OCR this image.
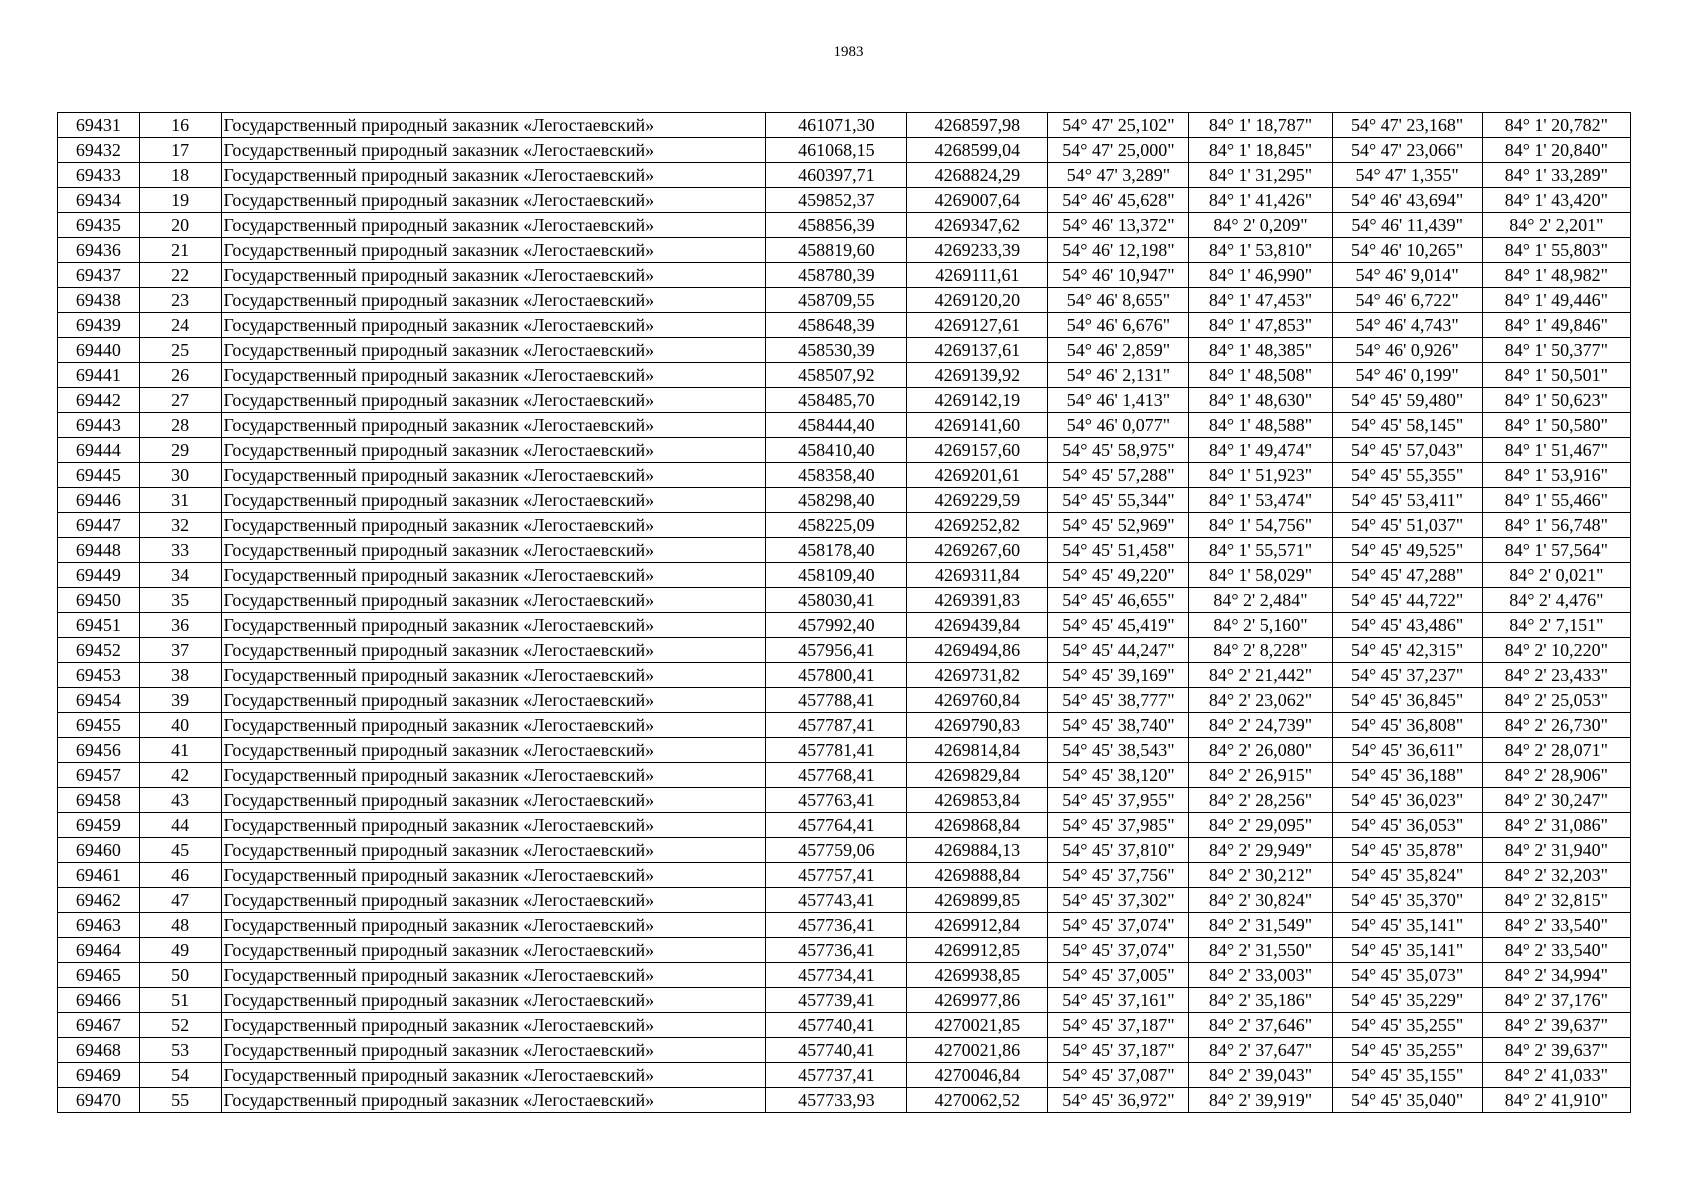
1983
69431	16	Государственный природный заказник «Легостаевский»	461071,30	4268597,98	54° 47' 25,102"	84° 1' 18,787"	54° 47' 23,168"	84° 1' 20,782"
69432	17	Государственный природный заказник «Легостаевский»	461068,15	4268599,04	54° 47' 25,000"	84° 1' 18,845"	54° 47' 23,066"	84° 1' 20,840"
69433	18	Государственный природный заказник «Легостаевский»	460397,71	4268824,29	54° 47' 3,289"	84° 1' 31,295"	54° 47' 1,355"	84° 1' 33,289"
69434	19	Государственный природный заказник «Легостаевский»	459852,37	4269007,64	54° 46' 45,628"	84° 1' 41,426"	54° 46' 43,694"	84° 1' 43,420"
69435	20	Государственный природный заказник «Легостаевский»	458856,39	4269347,62	54° 46' 13,372"	84° 2' 0,209"	54° 46' 11,439"	84° 2' 2,201"
69436	21	Государственный природный заказник «Легостаевский»	458819,60	4269233,39	54° 46' 12,198"	84° 1' 53,810"	54° 46' 10,265"	84° 1' 55,803"
69437	22	Государственный природный заказник «Легостаевский»	458780,39	4269111,61	54° 46' 10,947"	84° 1' 46,990"	54° 46' 9,014"	84° 1' 48,982"
69438	23	Государственный природный заказник «Легостаевский»	458709,55	4269120,20	54° 46' 8,655"	84° 1' 47,453"	54° 46' 6,722"	84° 1' 49,446"
69439	24	Государственный природный заказник «Легостаевский»	458648,39	4269127,61	54° 46' 6,676"	84° 1' 47,853"	54° 46' 4,743"	84° 1' 49,846"
69440	25	Государственный природный заказник «Легостаевский»	458530,39	4269137,61	54° 46' 2,859"	84° 1' 48,385"	54° 46' 0,926"	84° 1' 50,377"
69441	26	Государственный природный заказник «Легостаевский»	458507,92	4269139,92	54° 46' 2,131"	84° 1' 48,508"	54° 46' 0,199"	84° 1' 50,501"
69442	27	Государственный природный заказник «Легостаевский»	458485,70	4269142,19	54° 46' 1,413"	84° 1' 48,630"	54° 45' 59,480"	84° 1' 50,623"
69443	28	Государственный природный заказник «Легостаевский»	458444,40	4269141,60	54° 46' 0,077"	84° 1' 48,588"	54° 45' 58,145"	84° 1' 50,580"
69444	29	Государственный природный заказник «Легостаевский»	458410,40	4269157,60	54° 45' 58,975"	84° 1' 49,474"	54° 45' 57,043"	84° 1' 51,467"
69445	30	Государственный природный заказник «Легостаевский»	458358,40	4269201,61	54° 45' 57,288"	84° 1' 51,923"	54° 45' 55,355"	84° 1' 53,916"
69446	31	Государственный природный заказник «Легостаевский»	458298,40	4269229,59	54° 45' 55,344"	84° 1' 53,474"	54° 45' 53,411"	84° 1' 55,466"
69447	32	Государственный природный заказник «Легостаевский»	458225,09	4269252,82	54° 45' 52,969"	84° 1' 54,756"	54° 45' 51,037"	84° 1' 56,748"
69448	33	Государственный природный заказник «Легостаевский»	458178,40	4269267,60	54° 45' 51,458"	84° 1' 55,571"	54° 45' 49,525"	84° 1' 57,564"
69449	34	Государственный природный заказник «Легостаевский»	458109,40	4269311,84	54° 45' 49,220"	84° 1' 58,029"	54° 45' 47,288"	84° 2' 0,021"
69450	35	Государственный природный заказник «Легостаевский»	458030,41	4269391,83	54° 45' 46,655"	84° 2' 2,484"	54° 45' 44,722"	84° 2' 4,476"
69451	36	Государственный природный заказник «Легостаевский»	457992,40	4269439,84	54° 45' 45,419"	84° 2' 5,160"	54° 45' 43,486"	84° 2' 7,151"
69452	37	Государственный природный заказник «Легостаевский»	457956,41	4269494,86	54° 45' 44,247"	84° 2' 8,228"	54° 45' 42,315"	84° 2' 10,220"
69453	38	Государственный природный заказник «Легостаевский»	457800,41	4269731,82	54° 45' 39,169"	84° 2' 21,442"	54° 45' 37,237"	84° 2' 23,433"
69454	39	Государственный природный заказник «Легостаевский»	457788,41	4269760,84	54° 45' 38,777"	84° 2' 23,062"	54° 45' 36,845"	84° 2' 25,053"
69455	40	Государственный природный заказник «Легостаевский»	457787,41	4269790,83	54° 45' 38,740"	84° 2' 24,739"	54° 45' 36,808"	84° 2' 26,730"
69456	41	Государственный природный заказник «Легостаевский»	457781,41	4269814,84	54° 45' 38,543"	84° 2' 26,080"	54° 45' 36,611"	84° 2' 28,071"
69457	42	Государственный природный заказник «Легостаевский»	457768,41	4269829,84	54° 45' 38,120"	84° 2' 26,915"	54° 45' 36,188"	84° 2' 28,906"
69458	43	Государственный природный заказник «Легостаевский»	457763,41	4269853,84	54° 45' 37,955"	84° 2' 28,256"	54° 45' 36,023"	84° 2' 30,247"
69459	44	Государственный природный заказник «Легостаевский»	457764,41	4269868,84	54° 45' 37,985"	84° 2' 29,095"	54° 45' 36,053"	84° 2' 31,086"
69460	45	Государственный природный заказник «Легостаевский»	457759,06	4269884,13	54° 45' 37,810"	84° 2' 29,949"	54° 45' 35,878"	84° 2' 31,940"
69461	46	Государственный природный заказник «Легостаевский»	457757,41	4269888,84	54° 45' 37,756"	84° 2' 30,212"	54° 45' 35,824"	84° 2' 32,203"
69462	47	Государственный природный заказник «Легостаевский»	457743,41	4269899,85	54° 45' 37,302"	84° 2' 30,824"	54° 45' 35,370"	84° 2' 32,815"
69463	48	Государственный природный заказник «Легостаевский»	457736,41	4269912,84	54° 45' 37,074"	84° 2' 31,549"	54° 45' 35,141"	84° 2' 33,540"
69464	49	Государственный природный заказник «Легостаевский»	457736,41	4269912,85	54° 45' 37,074"	84° 2' 31,550"	54° 45' 35,141"	84° 2' 33,540"
69465	50	Государственный природный заказник «Легостаевский»	457734,41	4269938,85	54° 45' 37,005"	84° 2' 33,003"	54° 45' 35,073"	84° 2' 34,994"
69466	51	Государственный природный заказник «Легостаевский»	457739,41	4269977,86	54° 45' 37,161"	84° 2' 35,186"	54° 45' 35,229"	84° 2' 37,176"
69467	52	Государственный природный заказник «Легостаевский»	457740,41	4270021,85	54° 45' 37,187"	84° 2' 37,646"	54° 45' 35,255"	84° 2' 39,637"
69468	53	Государственный природный заказник «Легостаевский»	457740,41	4270021,86	54° 45' 37,187"	84° 2' 37,647"	54° 45' 35,255"	84° 2' 39,637"
69469	54	Государственный природный заказник «Легостаевский»	457737,41	4270046,84	54° 45' 37,087"	84° 2' 39,043"	54° 45' 35,155"	84° 2' 41,033"
69470	55	Государственный природный заказник «Легостаевский»	457733,93	4270062,52	54° 45' 36,972"	84° 2' 39,919"	54° 45' 35,040"	84° 2' 41,910"
